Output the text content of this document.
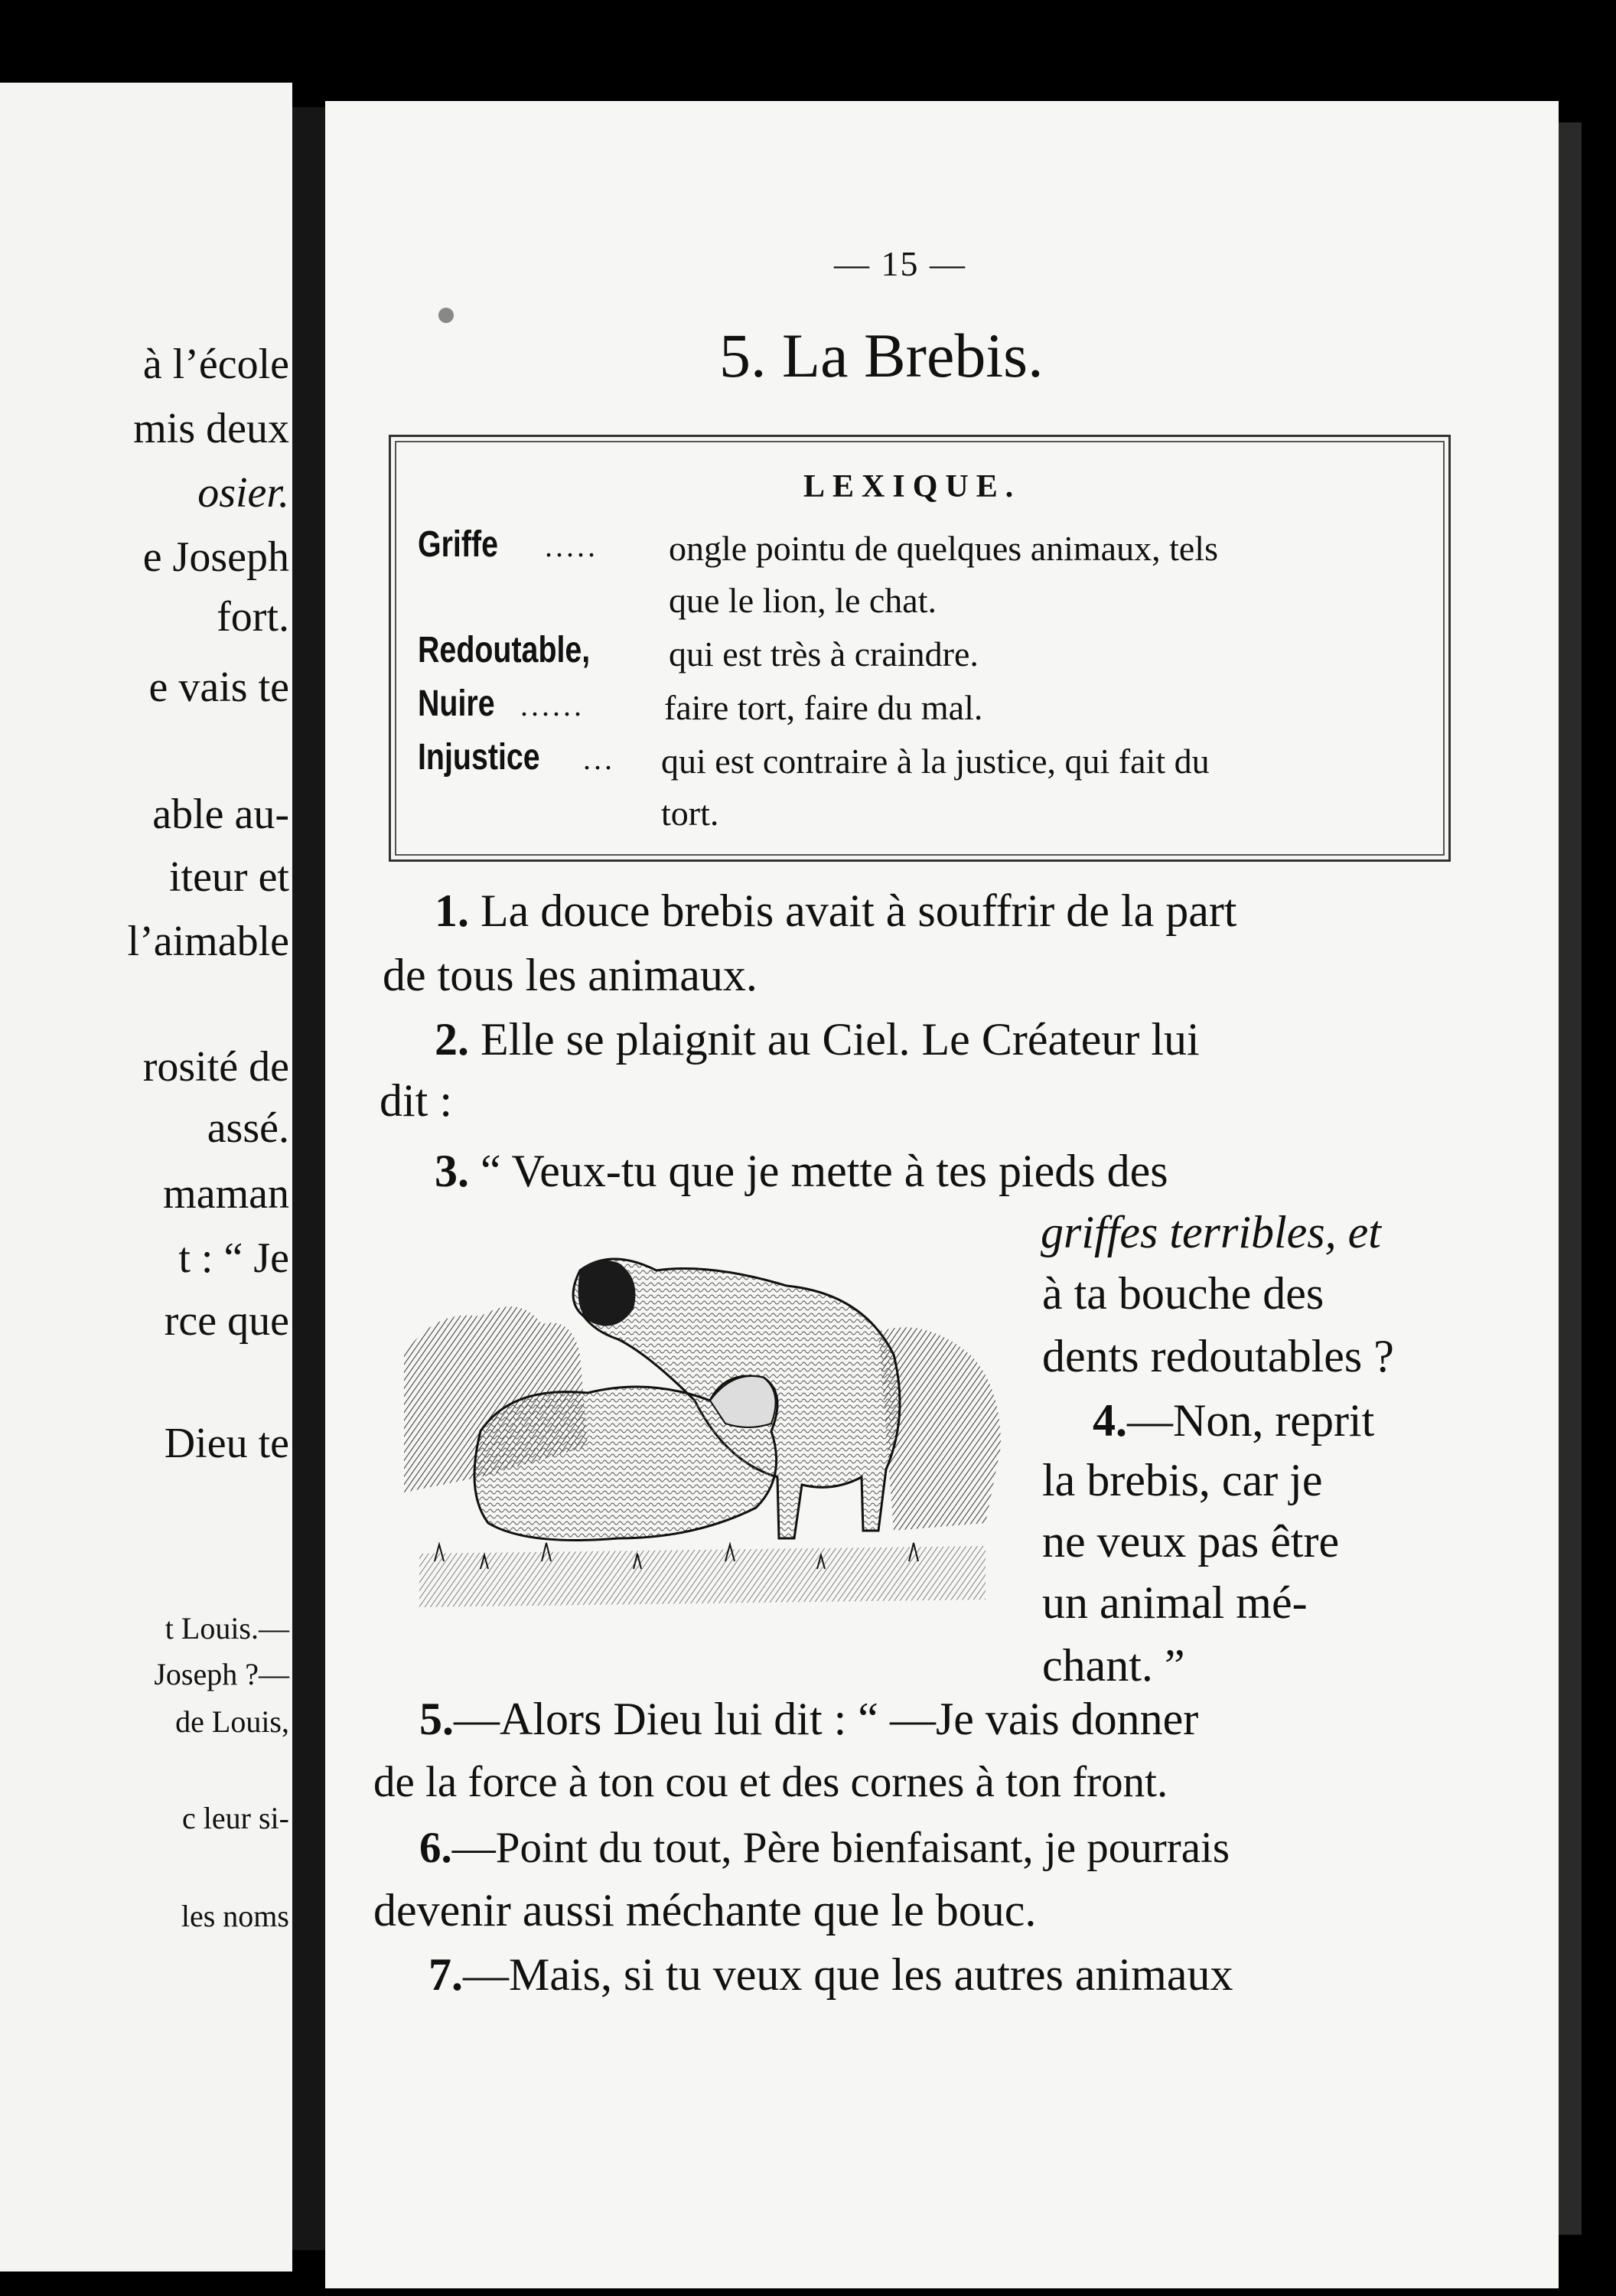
à l’école
mis deux
osier.
e Joseph
fort.
e vais te
able au-
iteur et
l’aimable
rosité de
assé.
maman
t : “ Je
rce que
Dieu te
t Louis.—
Joseph ?—
de Louis,
c leur si-
les noms
— 15 —
5. La Brebis.
LEXIQUE.
Griffe ..... ongle pointu de quelques animaux, tels
que le lion, le chat.
Redoutable, qui est très à craindre.
Nuire ...... faire tort, faire du mal.
Injustice ... qui est contraire à la justice, qui fait du
tort.
1. La douce brebis avait à souffrir de la part
de tous les animaux.
2. Elle se plaignit au Ciel. Le Créateur lui
dit :
3. “ Veux-tu que je mette à tes pieds des
griffes terribles, et
à ta bouche des
dents redoutables ?
4.—Non, reprit
la brebis, car je
ne veux pas être
un animal mé-
chant. ”
5.—Alors Dieu lui dit : “ —Je vais donner
de la force à ton cou et des cornes à ton front.
6.—Point du tout, Père bienfaisant, je pourrais
devenir aussi méchante que le bouc.
7.—Mais, si tu veux que les autres animaux
